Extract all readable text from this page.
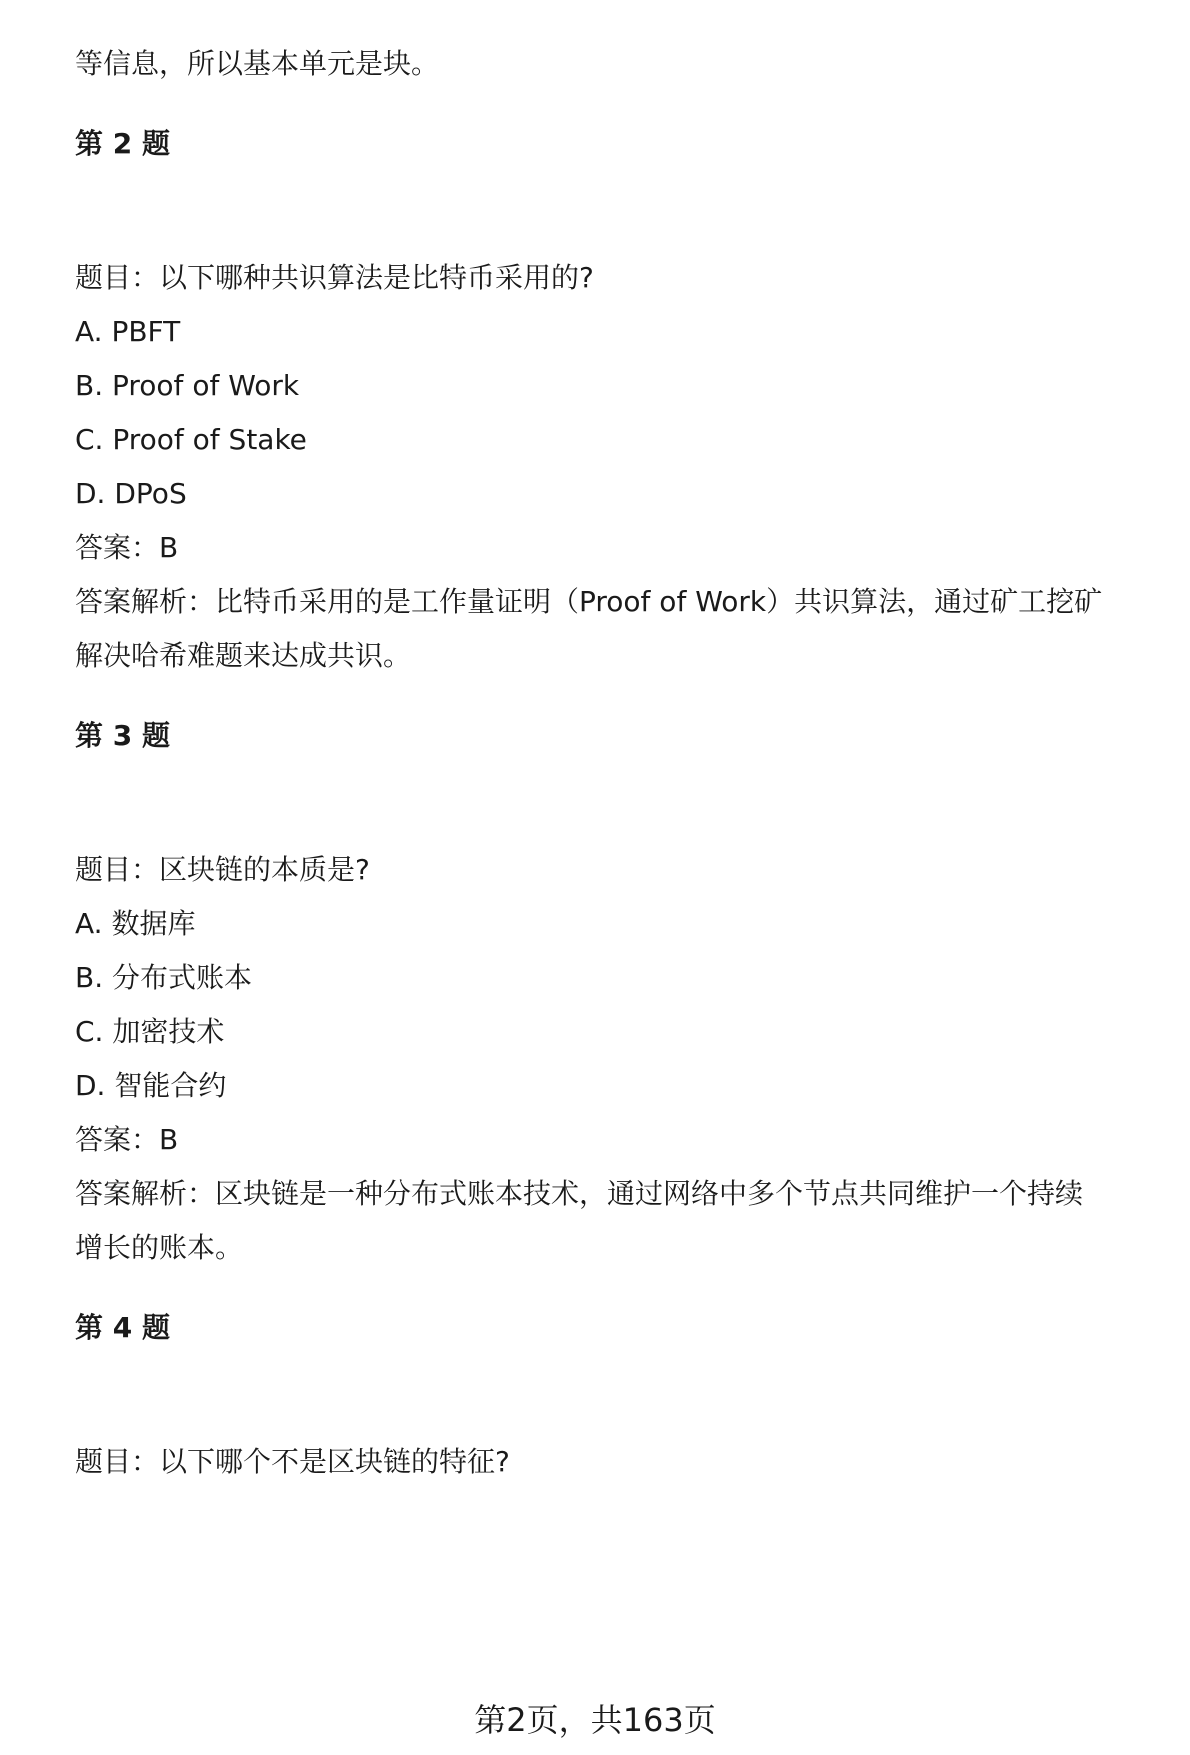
等信息，所以基本单元是块。
第 2 题
题目：以下哪种共识算法是比特币采用的?
A. PBFT
B. Proof of Work
C. Proof of Stake
D. DPoS
答案：B
答案解析：比特币采用的是工作量证明（Proof of Work）共识算法，通过矿工挖矿
解决哈希难题来达成共识。
第 3 题
题目：区块链的本质是?
A. 数据库
B. 分布式账本
C. 加密技术
D. 智能合约
答案：B
答案解析：区块链是一种分布式账本技术，通过网络中多个节点共同维护一个持续
增长的账本。
第 4 题
题目：以下哪个不是区块链的特征?
第2页，共163页
